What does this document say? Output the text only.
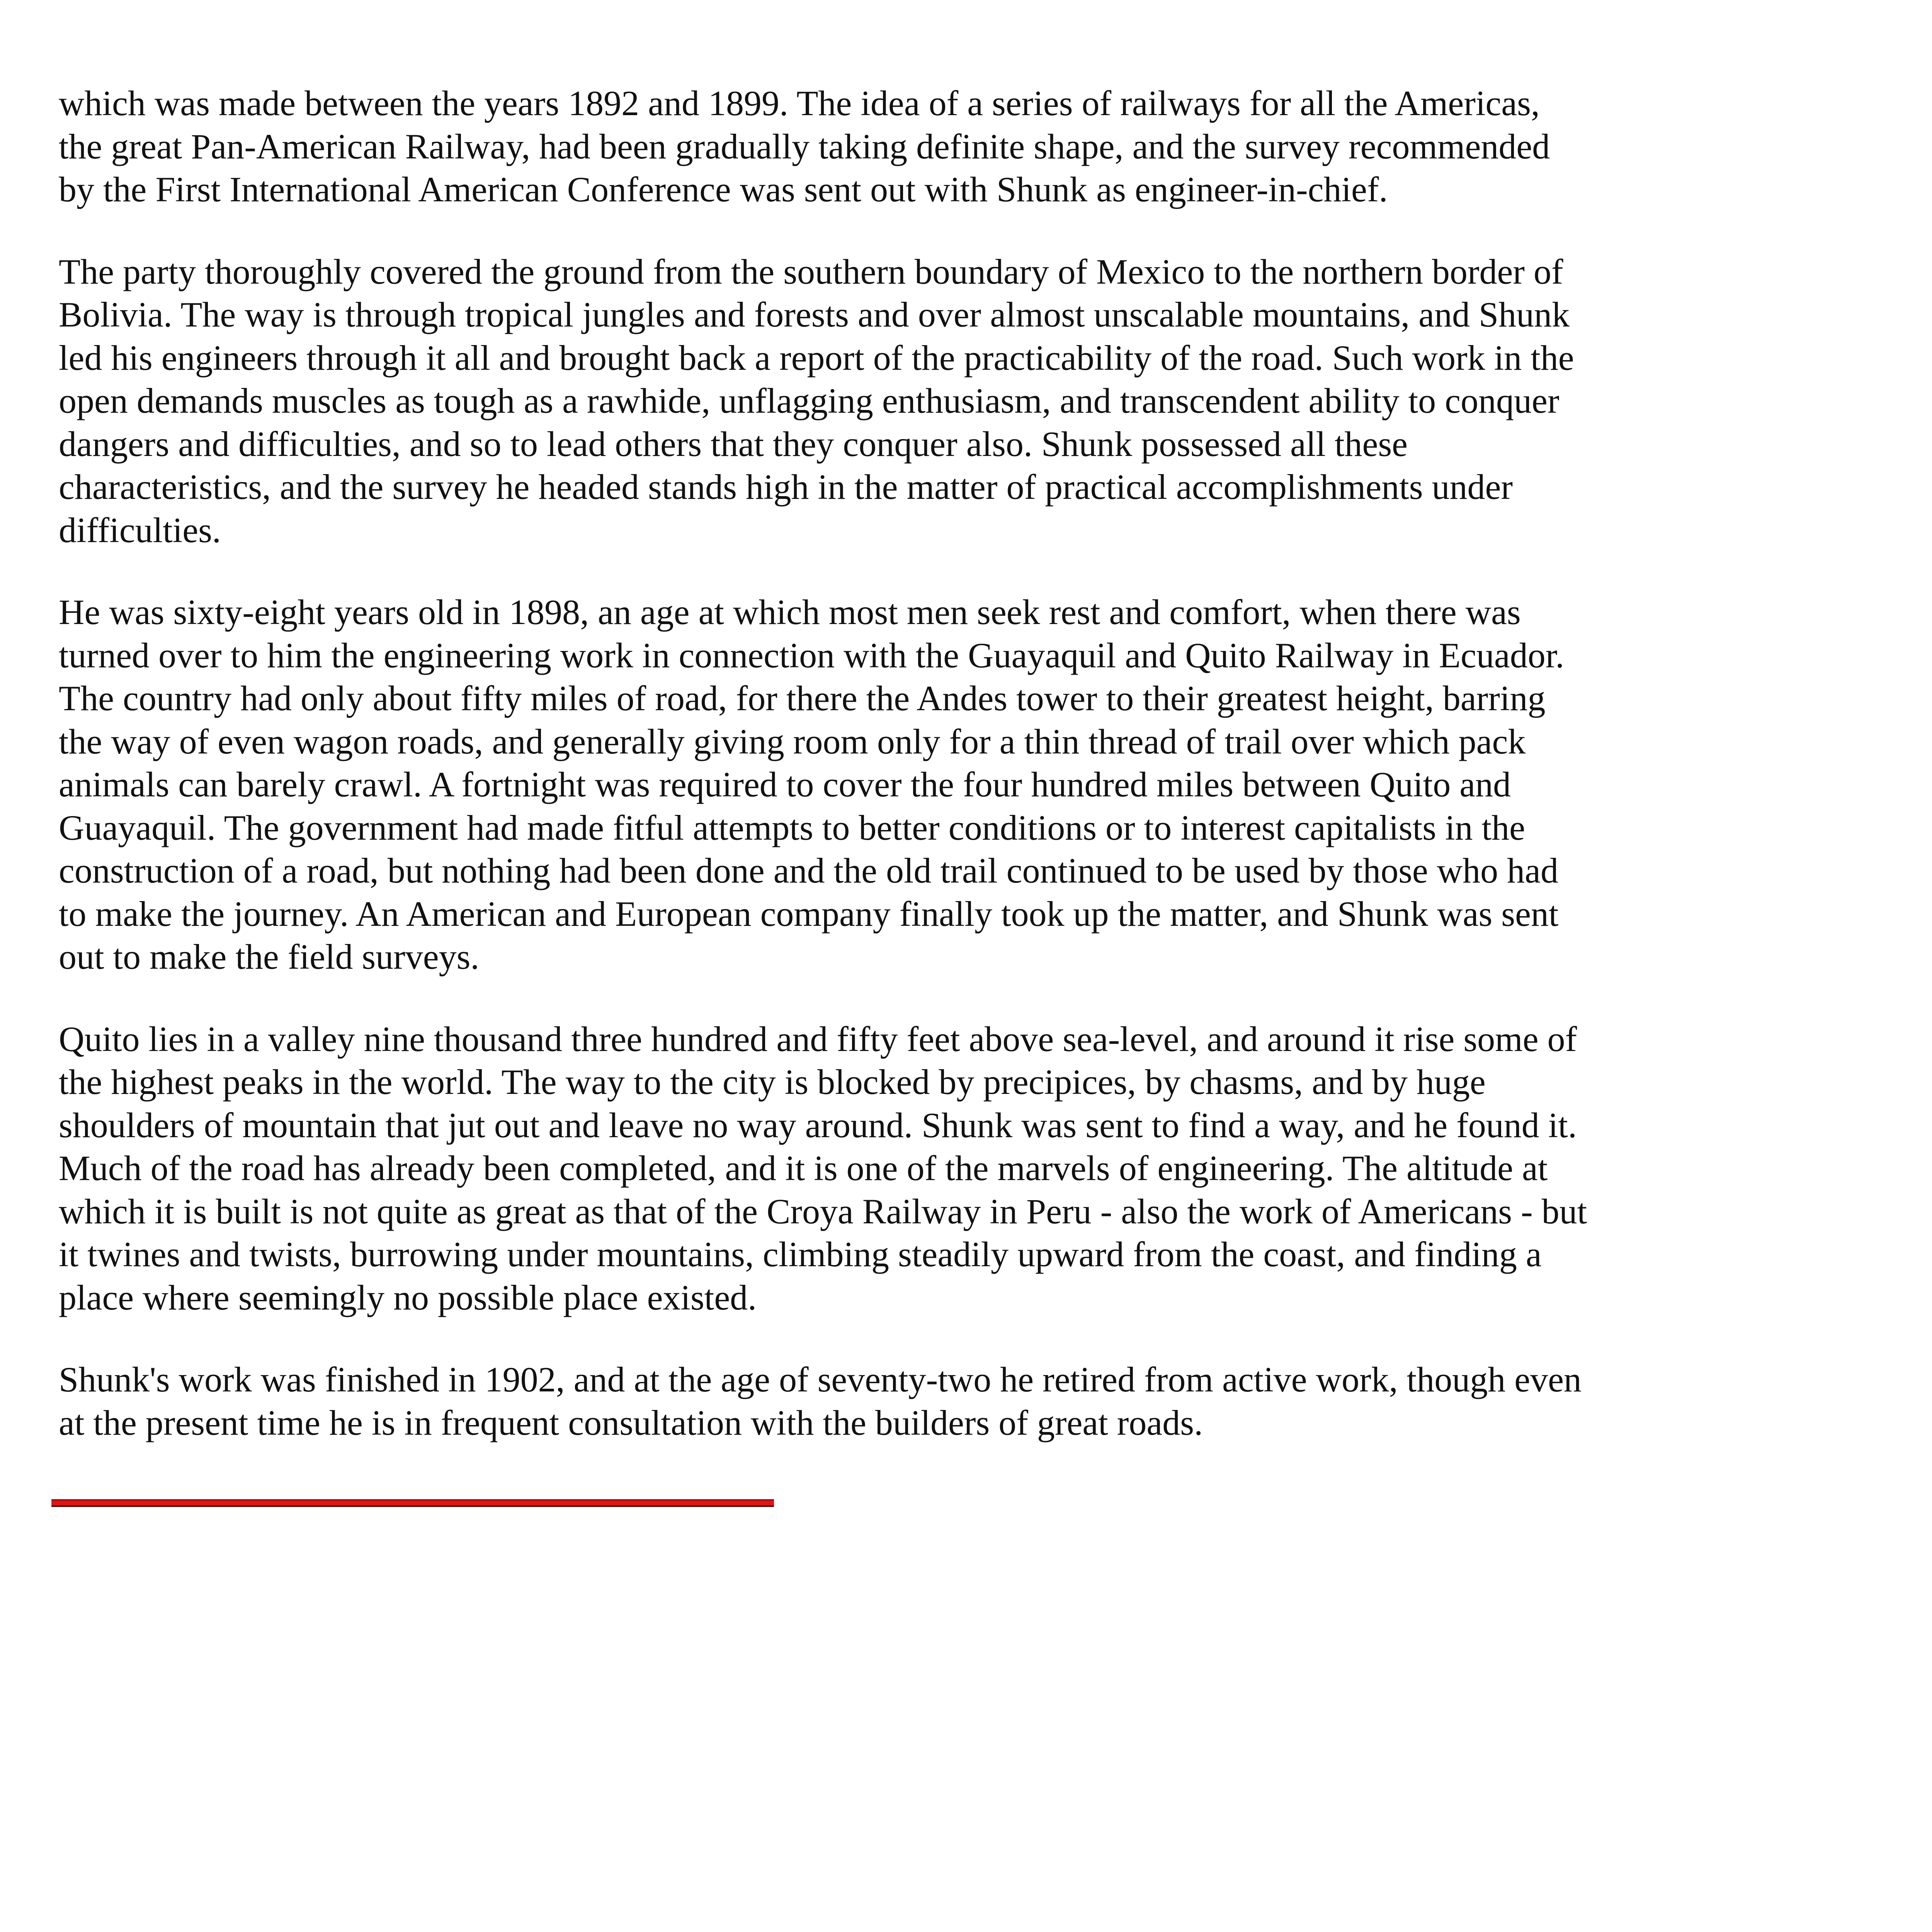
which was made between the years 1892 and 1899. The idea of a series of railways for all the Americas,
the great Pan-American Railway, had been gradually taking definite shape, and the survey recommended
by the First International American Conference was sent out with Shunk as engineer-in-chief.

The party thoroughly covered the ground from the southern boundary of Mexico to the northern border of
Bolivia. The way is through tropical jungles and forests and over almost unscalable mountains, and Shunk
led his engineers through it all and brought back a report of the practicability of the road. Such work in the
open demands muscles as tough as a rawhide, unflagging enthusiasm, and transcendent ability to conquer
dangers and difficulties, and so to lead others that they conquer also. Shunk possessed all these
characteristics, and the survey he headed stands high in the matter of practical accomplishments under
difficulties.

He was sixty-eight years old in 1898, an age at which most men seek rest and comfort, when there was
turned over to him the engineering work in connection with the Guayaquil and Quito Railway in Ecuador.
The country had only about fifty miles of road, for there the Andes tower to their greatest height, barring
the way of even wagon roads, and generally giving room only for a thin thread of trail over which pack
animals can barely crawl. A fortnight was required to cover the four hundred miles between Quito and
Guayaquil. The government had made fitful attempts to better conditions or to interest capitalists in the
construction of a road, but nothing had been done and the old trail continued to be used by those who had
to make the journey. An American and European company finally took up the matter, and Shunk was sent
out to make the field surveys.

Quito lies in a valley nine thousand three hundred and fifty feet above sea-level, and around it rise some of
the highest peaks in the world. The way to the city is blocked by precipices, by chasms, and by huge
shoulders of mountain that jut out and leave no way around. Shunk was sent to find a way, and he found it.
Much of the road has already been completed, and it is one of the marvels of engineering. The altitude at
which it is built is not quite as great as that of the Croya Railway in Peru - also the work of Americans - but
it twines and twists, burrowing under mountains, climbing steadily upward from the coast, and finding a
place where seemingly no possible place existed.

Shunk's work was finished in 1902, and at the age of seventy-two he retired from active work, though even
at the present time he is in frequent consultation with the builders of great roads.
